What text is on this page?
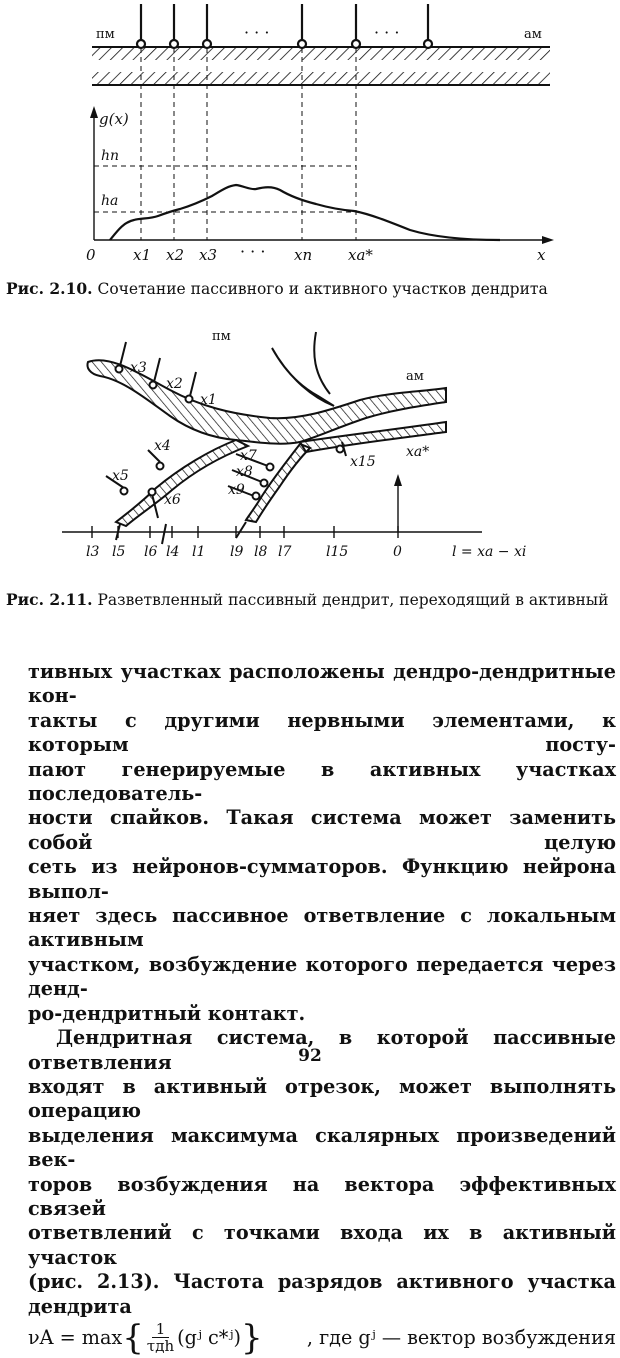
пм	ам
· · ·	· · ·
g(x)
hп
hа
0 x1 x2 x3 · · · xп xа*	x
Рис. 2.10. Сочетание пассивного и активного участков дендрита
пм
ам
x3
x2
x1
x4
x5
x6
x7
x8
x9
x15
xа*
l3 l5 l6 l4 l1 l9 l8 l7 l15	0	l = xа − xi
Рис. 2.11. Разветвленный пассивный дендрит, переходящий в активный

тивных участках расположены дендро-дендритные кон-

такты с другими нервными элементами, к которым посту-

пают генерируемые в активных участках последователь-

ности спайков. Такая система может заменить собой целую

сеть из нейронов-сумматоров. Функцию нейрона выпол-

няет здесь пассивное ответвление с локальным активным

участком, возбуждение которого передается через денд-

ро-дендритный контакт.

Дендритная система, в которой пассивные ответвления

входят в активный отрезок, может выполнять операцию

выделения максимума скалярных произведений век-

торов возбуждения на вектора эффективных связей

ответвлений с точками входа их в активный участок

(рис. 2.13). Частота разрядов активного участка дендрита

νA = max { $\frac{1}{\text{τдh}}$ (gʲ c*ʲ) } , где gʲ — вектор возбуждения
92
